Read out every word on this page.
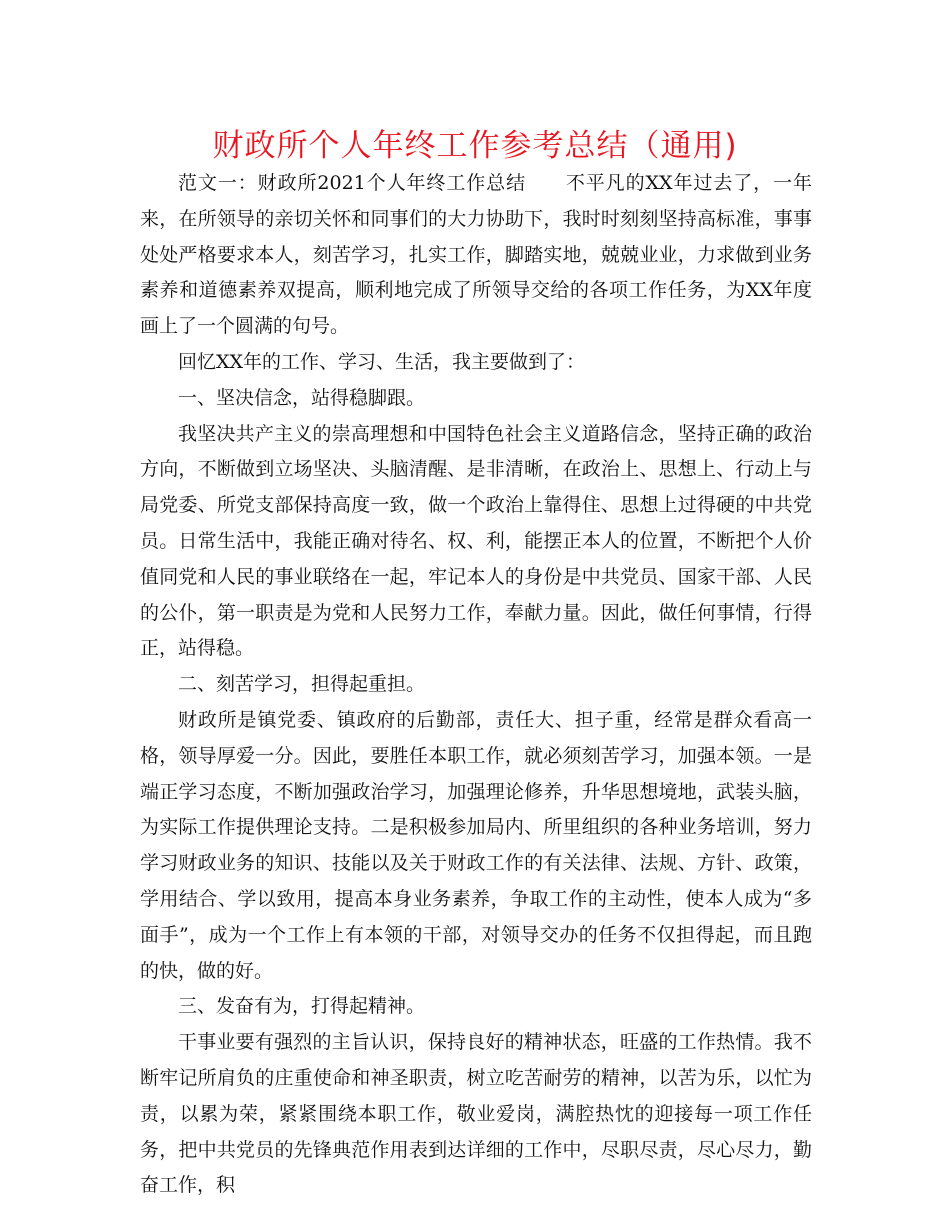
财政所个人年终工作参考总结（通用)

范文一：财政所2021个人年终工作总结　　不平凡的XX年过去了，一年来，在所领导的亲切关怀和同事们的大力协助下，我时时刻刻坚持高标准，事事处处严格要求本人，刻苦学习，扎实工作，脚踏实地，兢兢业业，力求做到业务素养和道德素养双提高，顺利地完成了所领导交给的各项工作任务，为XX年度画上了一个圆满的句号。

回忆XX年的工作、学习、生活，我主要做到了：

一、坚决信念，站得稳脚跟。

我坚决共产主义的崇高理想和中国特色社会主义道路信念，坚持正确的政治方向，不断做到立场坚决、头脑清醒、是非清晰，在政治上、思想上、行动上与局党委、所党支部保持高度一致，做一个政治上靠得住、思想上过得硬的中共党员。日常生活中，我能正确对待名、权、利，能摆正本人的位置，不断把个人价值同党和人民的事业联络在一起，牢记本人的身份是中共党员、国家干部、人民的公仆，第一职责是为党和人民努力工作，奉献力量。因此，做任何事情，行得正，站得稳。

二、刻苦学习，担得起重担。

财政所是镇党委、镇政府的后勤部，责任大、担子重，经常是群众看高一格，领导厚爱一分。因此，要胜任本职工作，就必须刻苦学习，加强本领。一是端正学习态度，不断加强政治学习，加强理论修养，升华思想境地，武装头脑，为实际工作提供理论支持。二是积极参加局内、所里组织的各种业务培训，努力学习财政业务的知识、技能以及关于财政工作的有关法律、法规、方针、政策，学用结合、学以致用，提高本身业务素养，争取工作的主动性，使本人成为“多面手”，成为一个工作上有本领的干部，对领导交办的任务不仅担得起，而且跑的快，做的好。

三、发奋有为，打得起精神。

干事业要有强烈的主旨认识，保持良好的精神状态，旺盛的工作热情。我不断牢记所肩负的庄重使命和神圣职责，树立吃苦耐劳的精神，以苦为乐，以忙为责，以累为荣，紧紧围绕本职工作，敬业爱岗，满腔热忱的迎接每一项工作任务，把中共党员的先锋典范作用表到达详细的工作中，尽职尽责，尽心尽力，勤奋工作，积
